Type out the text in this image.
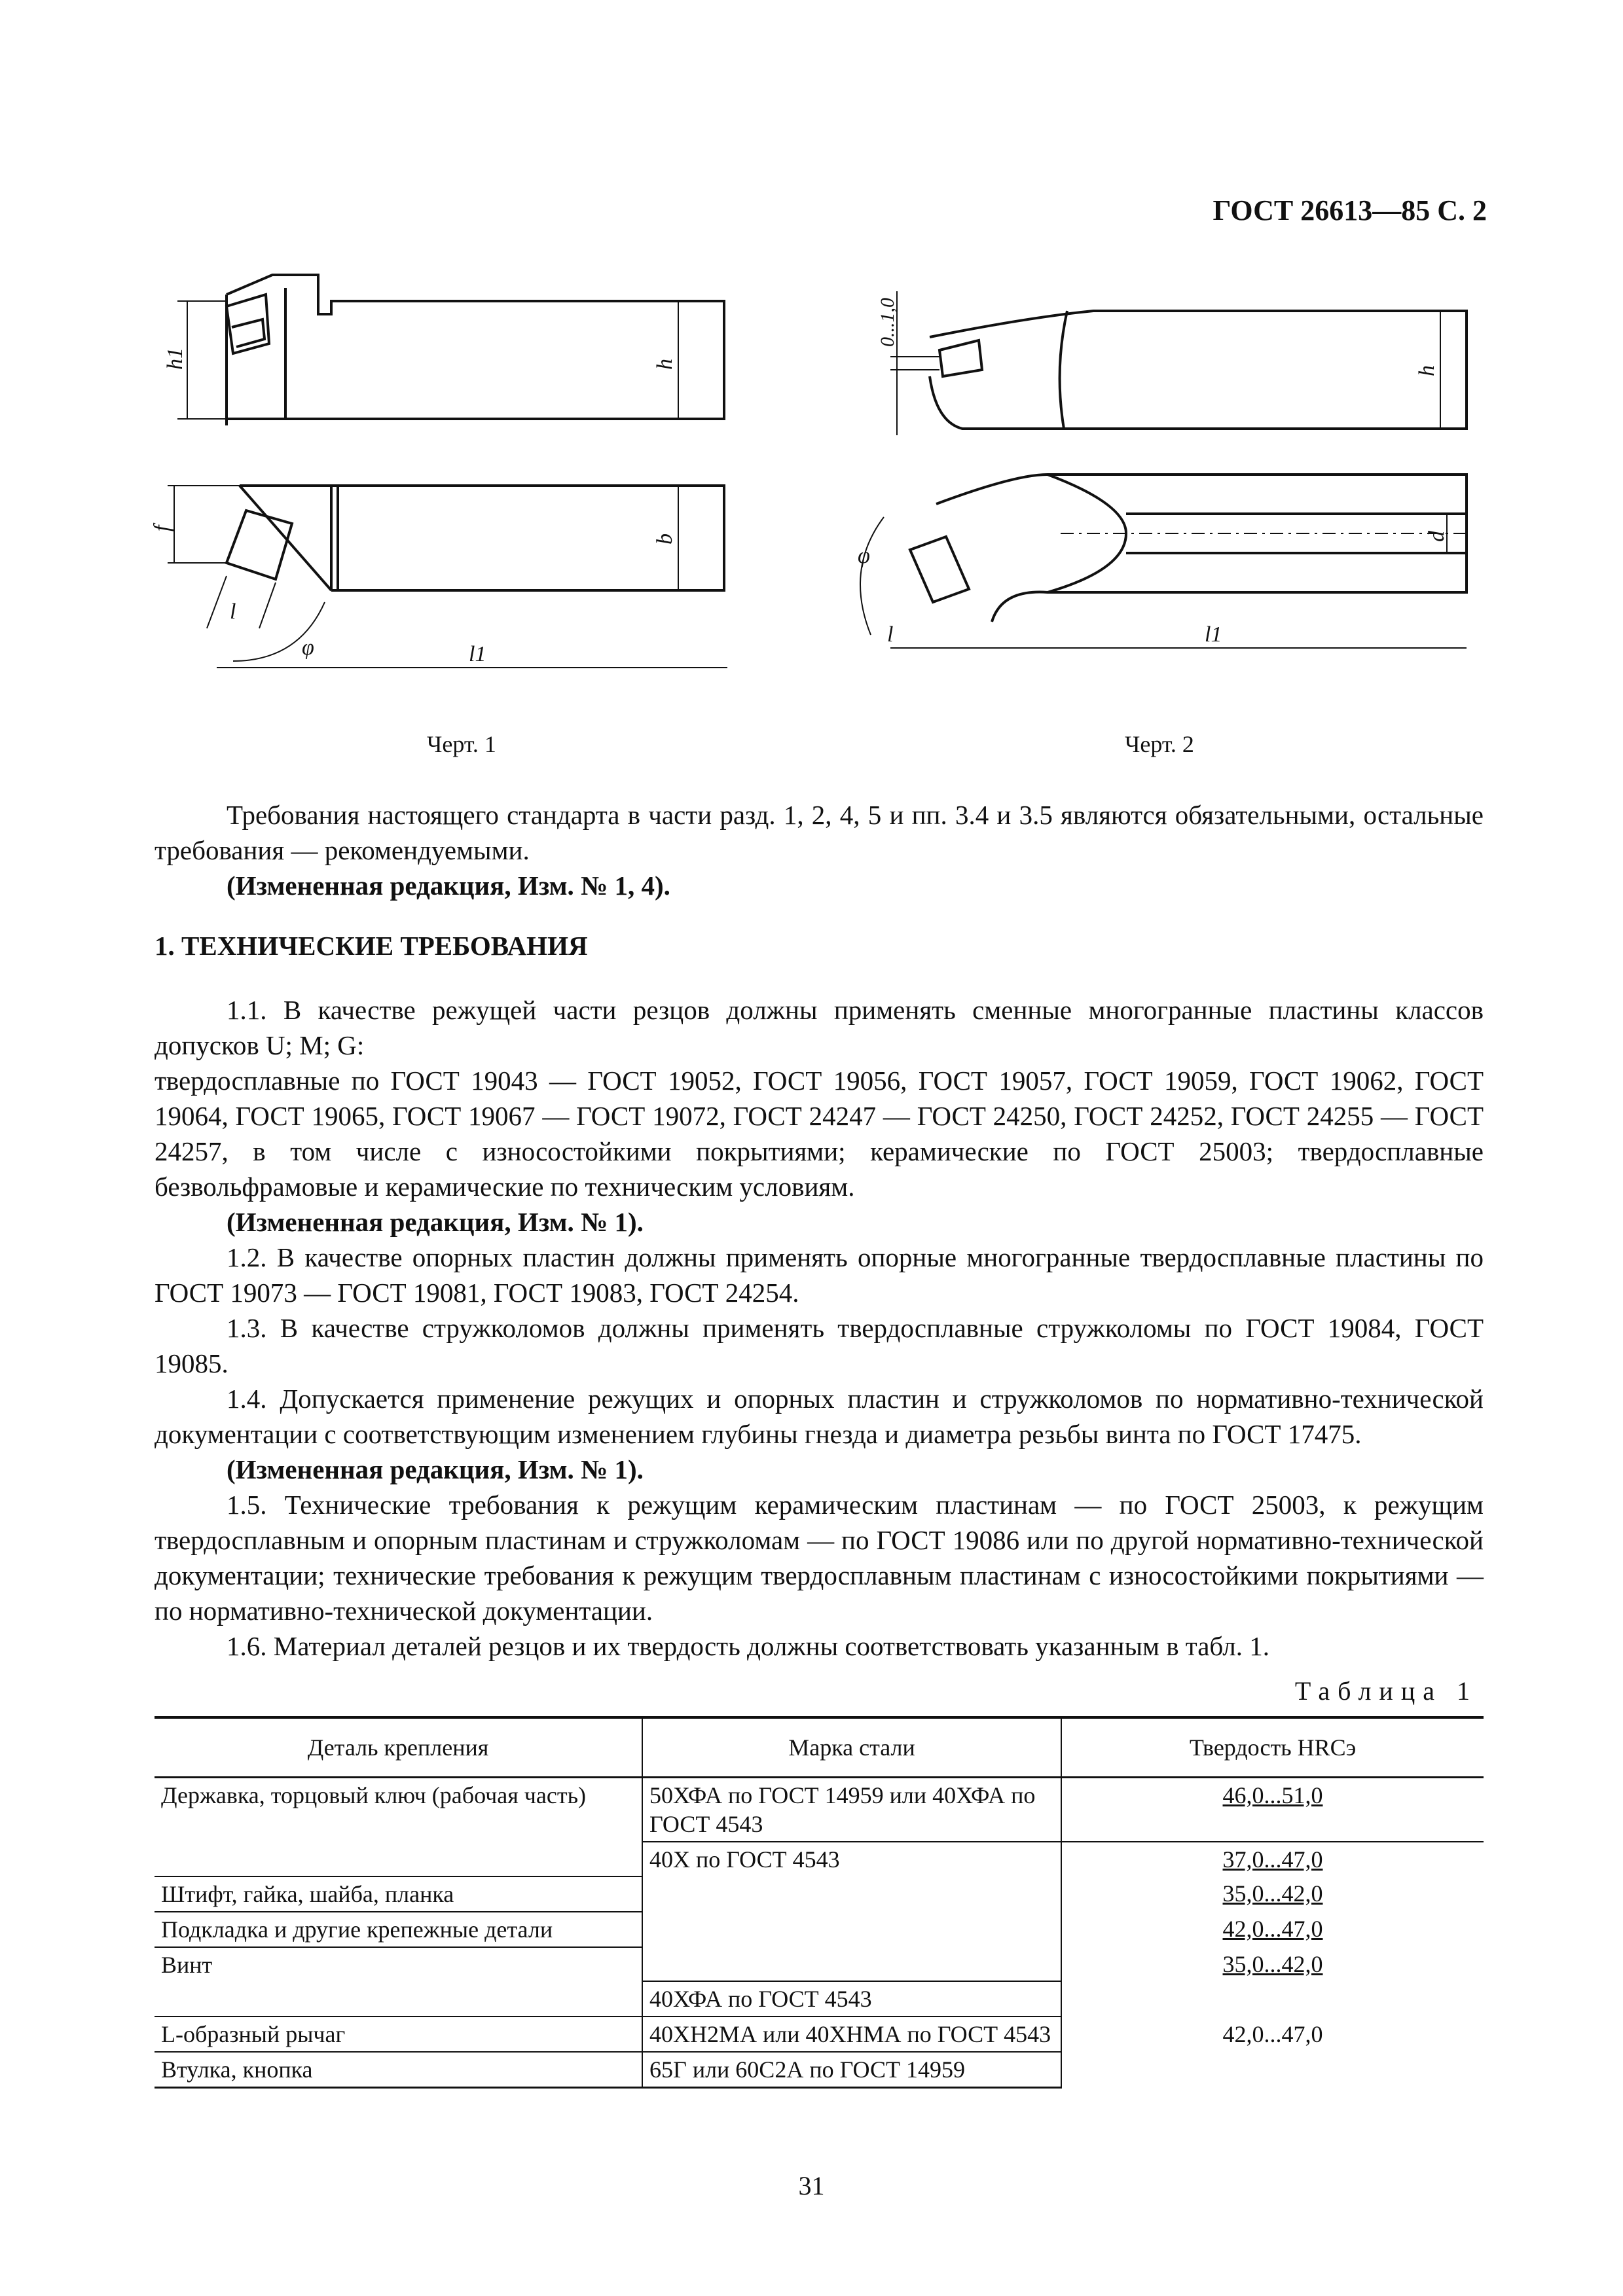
ГОСТ 26613—85 С. 2
h1	h
f
b
l
φ	l1
Черт. 1
0...1,0
h
φ
d
l	l1
Черт. 2

Требования настоящего стандарта в части разд. 1, 2, 4, 5 и пп. 3.4 и 3.5 являются обязательными, остальные требования — рекомендуемыми.

(Измененная редакция, Изм. № 1, 4).

1. ТЕХНИЧЕСКИЕ ТРЕБОВАНИЯ

1.1. В качестве режущей части резцов должны применять сменные многогранные пластины классов допусков U; M; G:

твердосплавные по ГОСТ 19043 — ГОСТ 19052, ГОСТ 19056, ГОСТ 19057, ГОСТ 19059, ГОСТ 19062, ГОСТ 19064, ГОСТ 19065, ГОСТ 19067 — ГОСТ 19072, ГОСТ 24247 — ГОСТ 24250, ГОСТ 24252, ГОСТ 24255 — ГОСТ 24257, в том числе с износостойкими покрытиями; керамические по ГОСТ 25003; твердосплавные безвольфрамовые и керамические по техническим условиям.

(Измененная редакция, Изм. № 1).

1.2. В качестве опорных пластин должны применять опорные многогранные твердосплавные пластины по ГОСТ 19073 — ГОСТ 19081, ГОСТ 19083, ГОСТ 24254.

1.3. В качестве стружколомов должны применять твердосплавные стружколомы по ГОСТ 19084, ГОСТ 19085.

1.4. Допускается применение режущих и опорных пластин и стружколомов по нормативно-технической документации с соответствующим изменением глубины гнезда и диаметра резьбы винта по ГОСТ 17475.

(Измененная редакция, Изм. № 1).

1.5. Технические требования к режущим керамическим пластинам — по ГОСТ 25003, к режущим твердосплавным и опорным пластинам и стружколомам — по ГОСТ 19086 или по другой нормативно-технической документации; технические требования к режущим твердосплавным пластинам с износостойкими покрытиями — по нормативно-технической документации.

1.6. Материал деталей резцов и их твердость должны соответствовать указанным в табл. 1.

Таблица 1
Деталь крепления	Марка стали	Твердость HRCэ
Державка, торцовый ключ (рабочая часть)	50ХФА по ГОСТ 14959 или 40ХФА по ГОСТ 4543	46,0...51,0
	40Х по ГОСТ 4543	37,0...47,0
Штифт, гайка, шайба, планка		35,0...42,0
Подкладка и другие крепежные детали		42,0...47,0
Винт		35,0...42,0
	40ХФА по ГОСТ 4543	42,0...47,0
L-образный рычаг	40ХН2МА или 40ХНМА по ГОСТ 4543	
Втулка, кнопка	65Г или 60С2А по ГОСТ 14959	
31
